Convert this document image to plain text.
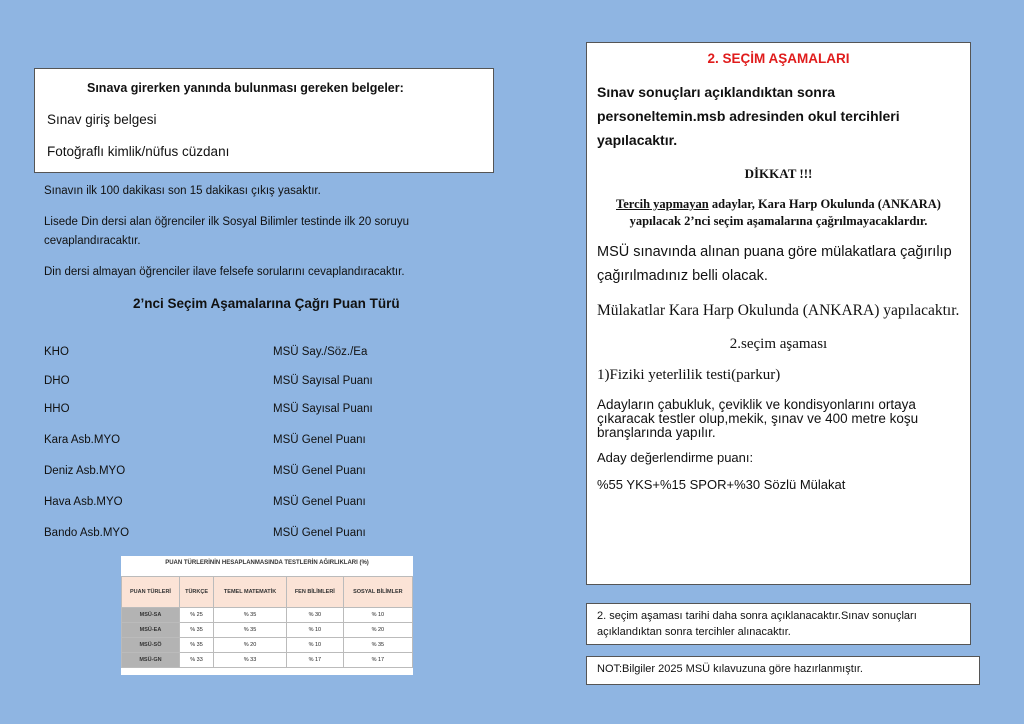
Sınava girerken yanında bulunması gereken belgeler:
Sınav giriş belgesi
Fotoğraflı kimlik/nüfus cüzdanı
Sınavın ilk 100 dakikası son 15 dakikası çıkış yasaktır.
Lisede Din dersi alan öğrenciler ilk Sosyal Bilimler testinde ilk 20 soruyu cevaplandıracaktır.
Din dersi almayan öğrenciler ilave felsefe sorularını cevaplandıracaktır.
2’nci Seçim Aşamalarına Çağrı Puan Türü
KHO	MSÜ Say./Söz./Ea
DHO	MSÜ Sayısal Puanı
HHO	MSÜ Sayısal Puanı
Kara Asb.MYO	MSÜ Genel Puanı
Deniz Asb.MYO	MSÜ Genel Puanı
Hava Asb.MYO	MSÜ Genel Puanı
Bando Asb.MYO	MSÜ Genel Puanı
PUAN TÜRLERİNİN HESAPLANMASINDA TESTLERİN AĞIRLIKLARI (%)
PUAN TÜRLERİ	TÜRKÇE	TEMEL MATEMATİK	FEN BİLİMLERİ	SOSYAL BİLİMLER
MSÜ-SA	% 25	% 35	% 30	% 10
MSÜ-EA	% 35	% 35	% 10	% 20
MSÜ-SÖ	% 35	% 20	% 10	% 35
MSÜ-GN	% 33	% 33	% 17	% 17
2. SEÇİM AŞAMALARI
Sınav sonuçları açıklandıktan sonra personeltemin.msb adresinden okul tercihleri yapılacaktır.
DİKKAT !!!
Tercih yapmayan adaylar, Kara Harp Okulunda (ANKARA) yapılacak 2’nci seçim aşamalarına çağrılmayacaklardır.
MSÜ sınavında alınan puana göre mülakatlara çağırılıp çağırılmadınız belli olacak.
Mülakatlar Kara Harp Okulunda (ANKARA) yapılacaktır.
2.seçim aşaması
1)Fiziki yeterlilik testi(parkur)
Adayların çabukluk, çeviklik ve kondisyonlarını ortaya çıkaracak testler olup,mekik, şınav ve 400 metre koşu branşlarında yapılır.
Aday değerlendirme puanı:
%55 YKS+%15 SPOR+%30 Sözlü Mülakat
2. seçim aşaması tarihi daha sonra açıklanacaktır.Sınav sonuçları açıklandıktan sonra tercihler alınacaktır.
NOT:Bilgiler 2025 MSÜ kılavuzuna göre hazırlanmıştır.
